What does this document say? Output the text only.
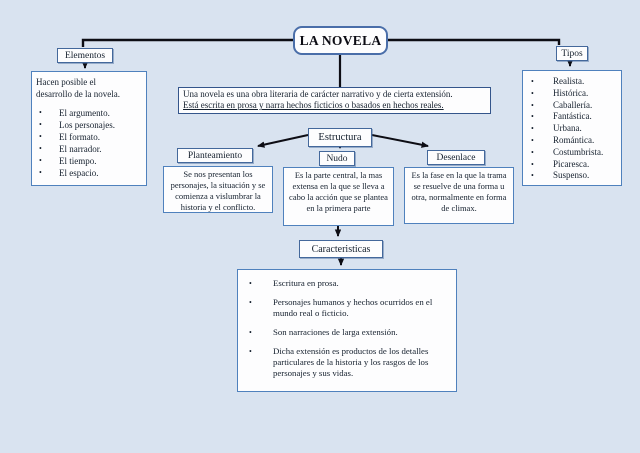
LA NOVELA
Elementos
Hacen posible el
desarrollo de la novela.
•	El argumento.
•	Los personajes.
•	El formato.
•	El narrador.
•	El tiempo.
•	El espacio.
Una novela es una obra literaria de carácter narrativo y de cierta extensión.
Está escrita en prosa y narra hechos ficticios o basados en hechos reales.
Estructura
Planteamiento
Se nos presentan los personajes, la situación y se comienza a vislumbrar la historia y el conflicto.
Nudo
Es la parte central, la mas extensa en la que se lleva a cabo la acción que se plantea en la primera parte
Desenlace
Es la fase en la que la trama se resuelve de una forma u otra, normalmente en forma de climax.
Caracteristicas
•	Escritura en prosa.
•	Personajes humanos y hechos ocurridos en el mundo real o ficticio.
•	Son narraciones de larga extensión.
•	Dicha extensión es productos de los detalles particulares de la historia y los rasgos de los personajes y sus vidas.
Tipos
•	Realista.
•	Histórica.
•	Caballería.
•	Fantástica.
•	Urbana.
•	Romántica.
•	Costumbrista.
•	Picaresca.
•	Suspenso.
